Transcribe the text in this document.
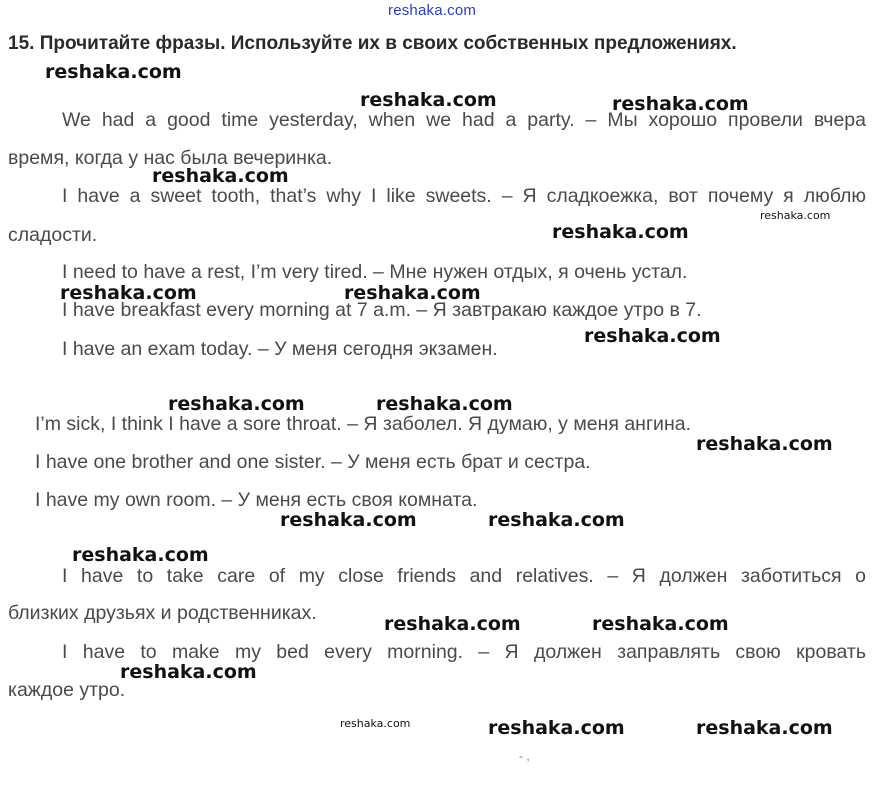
reshaka.com
15. Прочитайте фразы. Используйте их в своих собственных предложениях.
We had a good time yesterday, when we had a party. – Мы хорошо провели вчера
время, когда у нас была вечеринка.
I have a sweet tooth, that’s why I like sweets. – Я сладкоежка, вот почему я люблю
сладости.
I need to have a rest, I’m very tired. – Мне нужен отдых, я очень устал.
I have breakfast every morning at 7 a.m. – Я завтракаю каждое утро в 7.
I have an exam today. – У меня сегодня экзамен.
I’m sick, I think I have a sore throat. – Я заболел. Я думаю, у меня ангина.
I have one brother and one sister. – У меня есть брат и сестра.
I have my own room. – У меня есть своя комната.
I have to take care of my close friends and relatives. – Я должен заботиться о
близких друзьях и родственниках.
I have to make my bed every morning. – Я должен заправлять свою кровать
каждое утро.
reshaka.com
reshaka.com	reshaka.com
reshaka.com
reshaka.com
reshaka.com
reshaka.com	reshaka.com
reshaka.com
reshaka.com	reshaka.com
reshaka.com
reshaka.com	reshaka.com
reshaka.com
reshaka.com	reshaka.com
reshaka.com
reshaka.com	reshaka.com	reshaka.com
- ,
